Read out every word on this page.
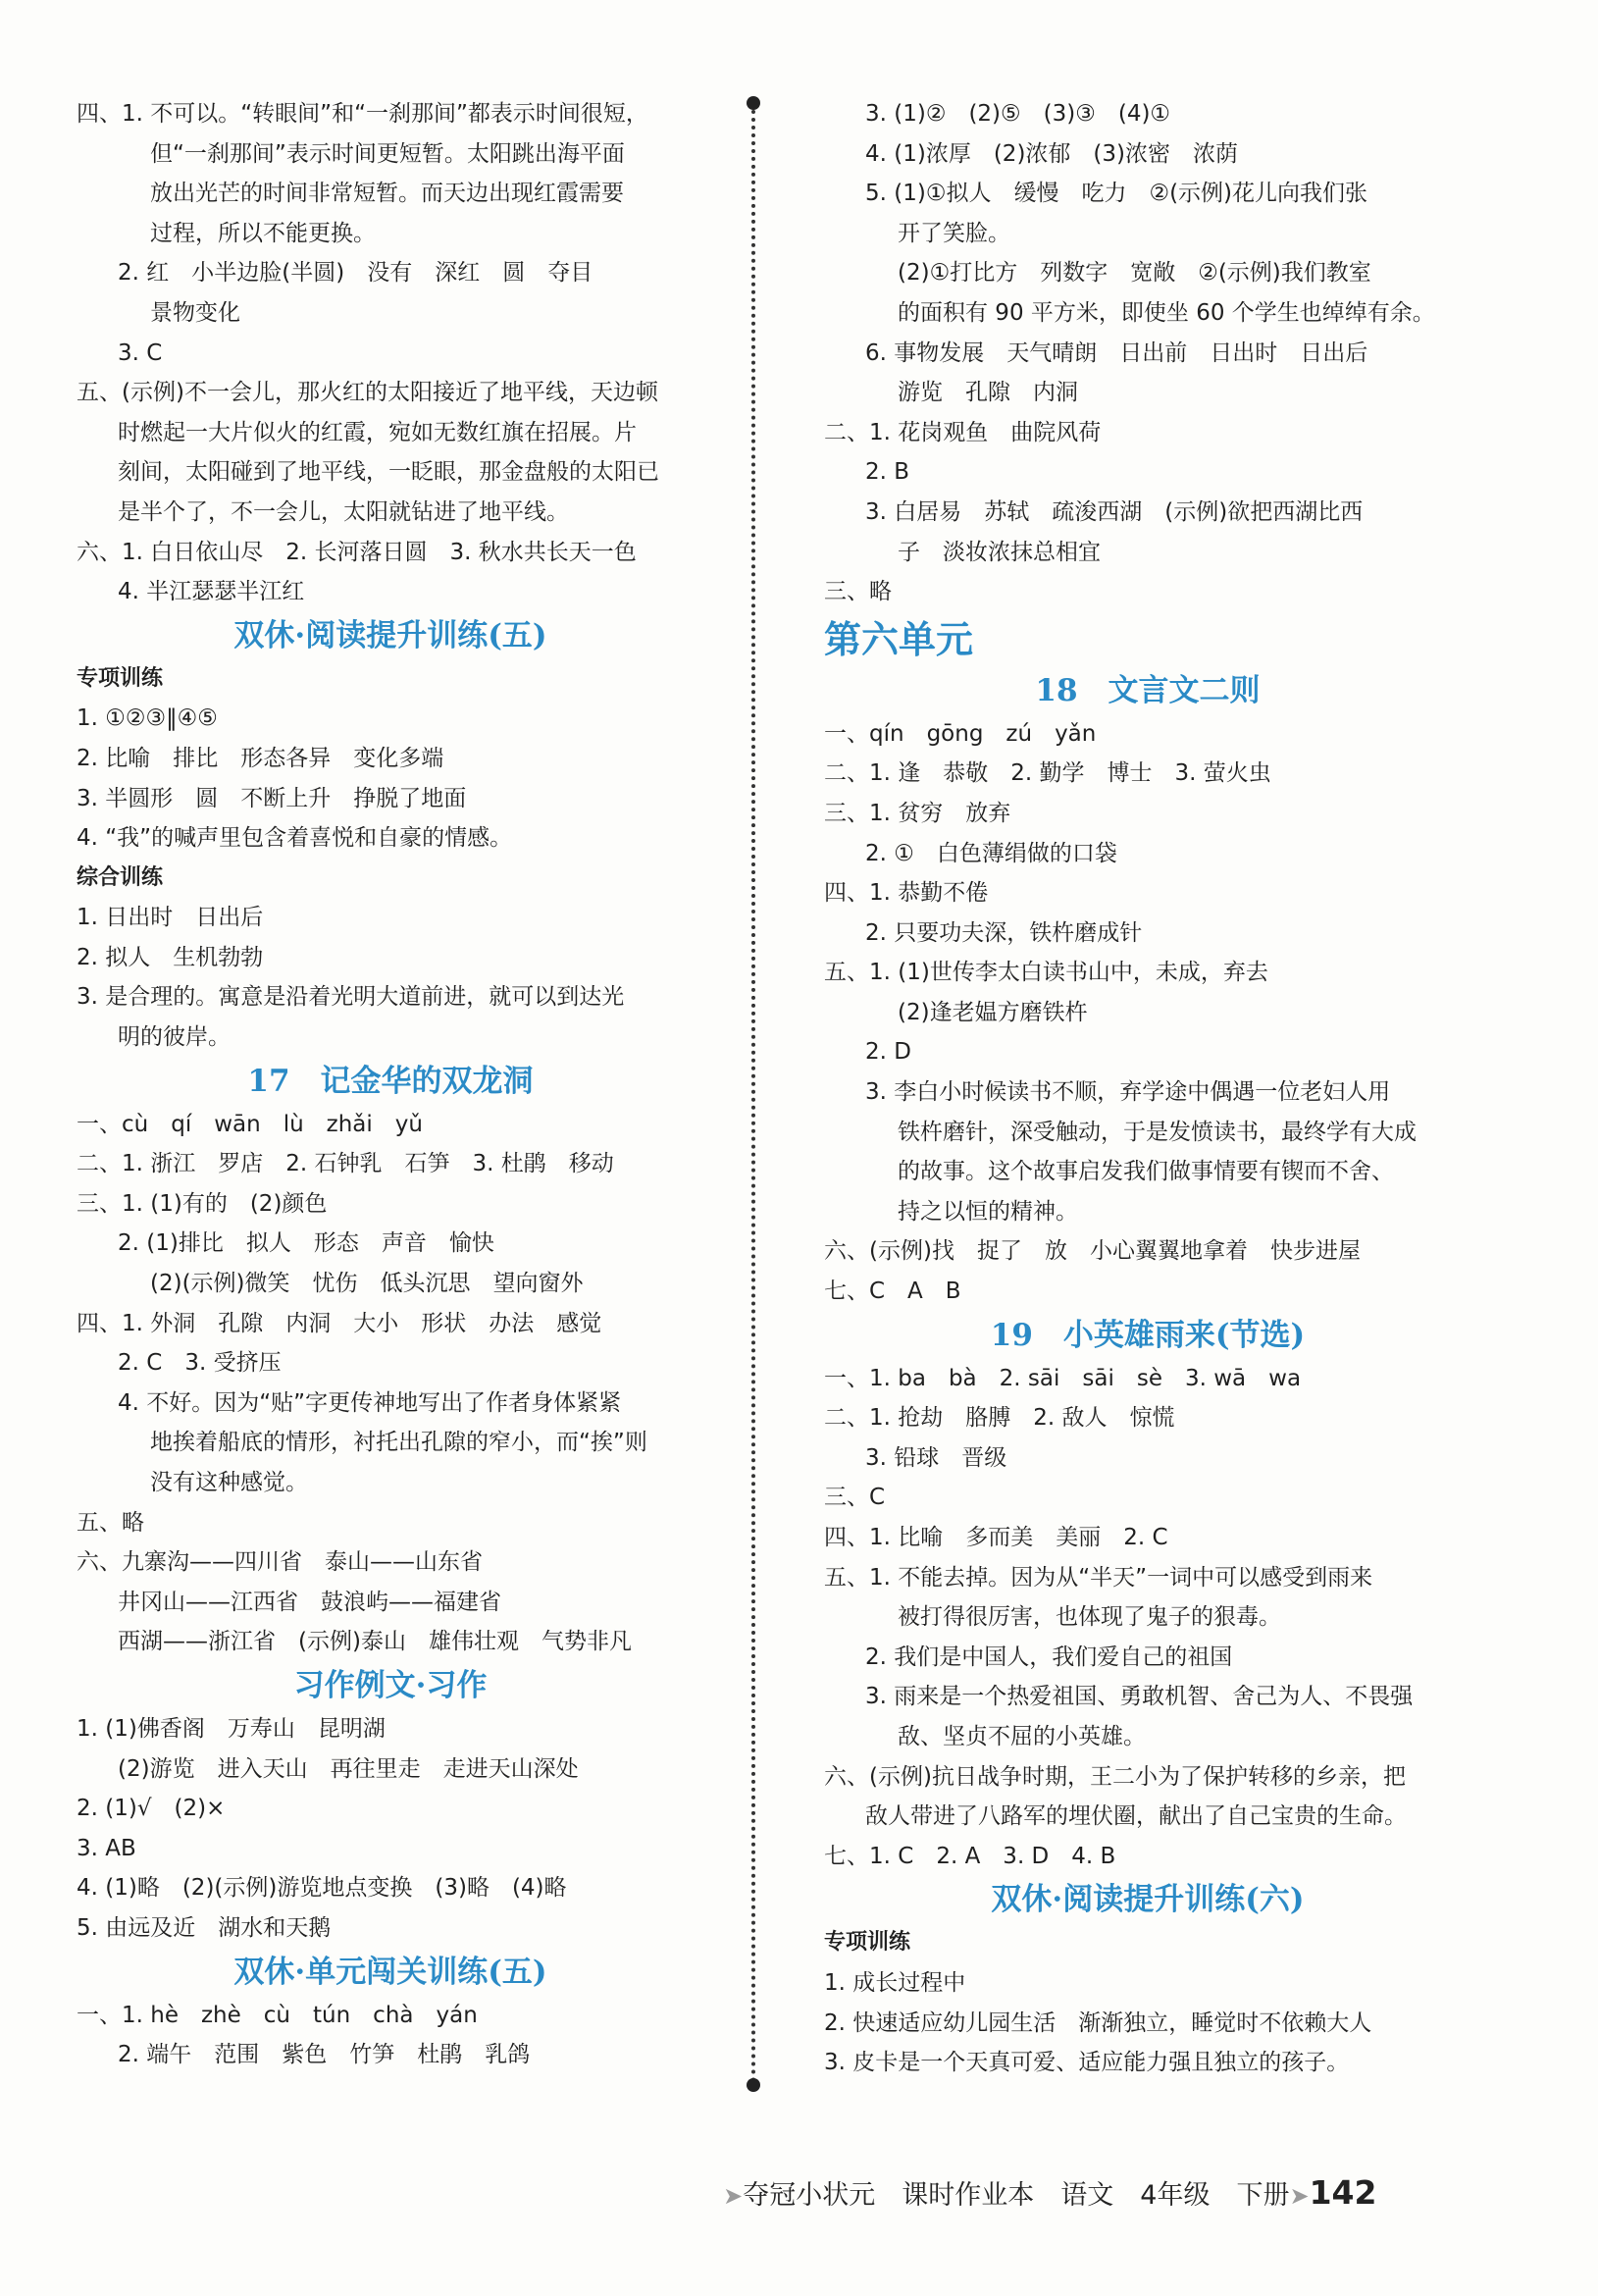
四、1. 不可以。“转眼间”和“一刹那间”都表示时间很短，
但“一刹那间”表示时间更短暂。太阳跳出海平面
放出光芒的时间非常短暂。而天边出现红霞需要
过程，所以不能更换。
2. 红　小半边脸(半圆)　没有　深红　圆　夺目
景物变化
3. C
五、(示例)不一会儿，那火红的太阳接近了地平线，天边顿
时燃起一大片似火的红霞，宛如无数红旗在招展。片
刻间，太阳碰到了地平线，一眨眼，那金盘般的太阳已
是半个了，不一会儿，太阳就钻进了地平线。
六、1. 白日依山尽　2. 长河落日圆　3. 秋水共长天一色
4. 半江瑟瑟半江红
双休·阅读提升训练(五)
专项训练
1. ①②③‖④⑤
2. 比喻　排比　形态各异　变化多端
3. 半圆形　圆　不断上升　挣脱了地面
4. “我”的喊声里包含着喜悦和自豪的情感。
综合训练
1. 日出时　日出后
2. 拟人　生机勃勃
3. 是合理的。寓意是沿着光明大道前进，就可以到达光
明的彼岸。
17　记金华的双龙洞
一、cù　qí　wān　lù　zhǎi　yǔ
二、1. 浙江　罗店　2. 石钟乳　石笋　3. 杜鹃　移动
三、1. (1)有的　(2)颜色
2. (1)排比　拟人　形态　声音　愉快
(2)(示例)微笑　忧伤　低头沉思　望向窗外
四、1. 外洞　孔隙　内洞　大小　形状　办法　感觉
2. C　3. 受挤压
4. 不好。因为“贴”字更传神地写出了作者身体紧紧
地挨着船底的情形，衬托出孔隙的窄小，而“挨”则
没有这种感觉。
五、略
六、九寨沟——四川省　泰山——山东省
井冈山——江西省　鼓浪屿——福建省
西湖——浙江省　(示例)泰山　雄伟壮观　气势非凡
习作例文·习作
1. (1)佛香阁　万寿山　昆明湖
(2)游览　进入天山　再往里走　走进天山深处
2. (1)√　(2)×
3. AB
4. (1)略　(2)(示例)游览地点变换　(3)略　(4)略
5. 由远及近　湖水和天鹅
双休·单元闯关训练(五)
一、1. hè　zhè　cù　tún　chà　yán
2. 端午　范围　紫色　竹笋　杜鹃　乳鸽
3. (1)②　(2)⑤　(3)③　(4)①
4. (1)浓厚　(2)浓郁　(3)浓密　浓荫
5. (1)①拟人　缓慢　吃力　②(示例)花儿向我们张
开了笑脸。
(2)①打比方　列数字　宽敞　②(示例)我们教室
的面积有 90 平方米，即使坐 60 个学生也绰绰有余。
6. 事物发展　天气晴朗　日出前　日出时　日出后
游览　孔隙　内洞
二、1. 花岗观鱼　曲院风荷
2. B
3. 白居易　苏轼　疏浚西湖　(示例)欲把西湖比西
子　淡妆浓抹总相宜
三、略
第六单元
18　文言文二则
一、qín　gōng　zú　yǎn
二、1. 逢　恭敬　2. 勤学　博士　3. 萤火虫
三、1. 贫穷　放弃
2. ①　白色薄绢做的口袋
四、1. 恭勤不倦
2. 只要功夫深，铁杵磨成针
五、1. (1)世传李太白读书山中，未成，弃去
(2)逢老媪方磨铁杵
2. D
3. 李白小时候读书不顺，弃学途中偶遇一位老妇人用
铁杵磨针，深受触动，于是发愤读书，最终学有大成
的故事。这个故事启发我们做事情要有锲而不舍、
持之以恒的精神。
六、(示例)找　捉了　放　小心翼翼地拿着　快步进屋
七、C　A　B
19　小英雄雨来(节选)
一、1. ba　bà　2. sāi　sāi　sè　3. wā　wa
二、1. 抢劫　胳膊　2. 敌人　惊慌
3. 铅球　晋级
三、C
四、1. 比喻　多而美　美丽　2. C
五、1. 不能去掉。因为从“半天”一词中可以感受到雨来
被打得很厉害，也体现了鬼子的狠毒。
2. 我们是中国人，我们爱自己的祖国
3. 雨来是一个热爱祖国、勇敢机智、舍己为人、不畏强
敌、坚贞不屈的小英雄。
六、(示例)抗日战争时期，王二小为了保护转移的乡亲，把
敌人带进了八路军的埋伏圈，献出了自己宝贵的生命。
七、1. C　2. A　3. D　4. B
双休·阅读提升训练(六)
专项训练
1. 成长过程中
2. 快速适应幼儿园生活　渐渐独立，睡觉时不依赖大人
3. 皮卡是一个天真可爱、适应能力强且独立的孩子。

➤夺冠小状元　 课时作业本　 语文　 4年级　 下册➤142
